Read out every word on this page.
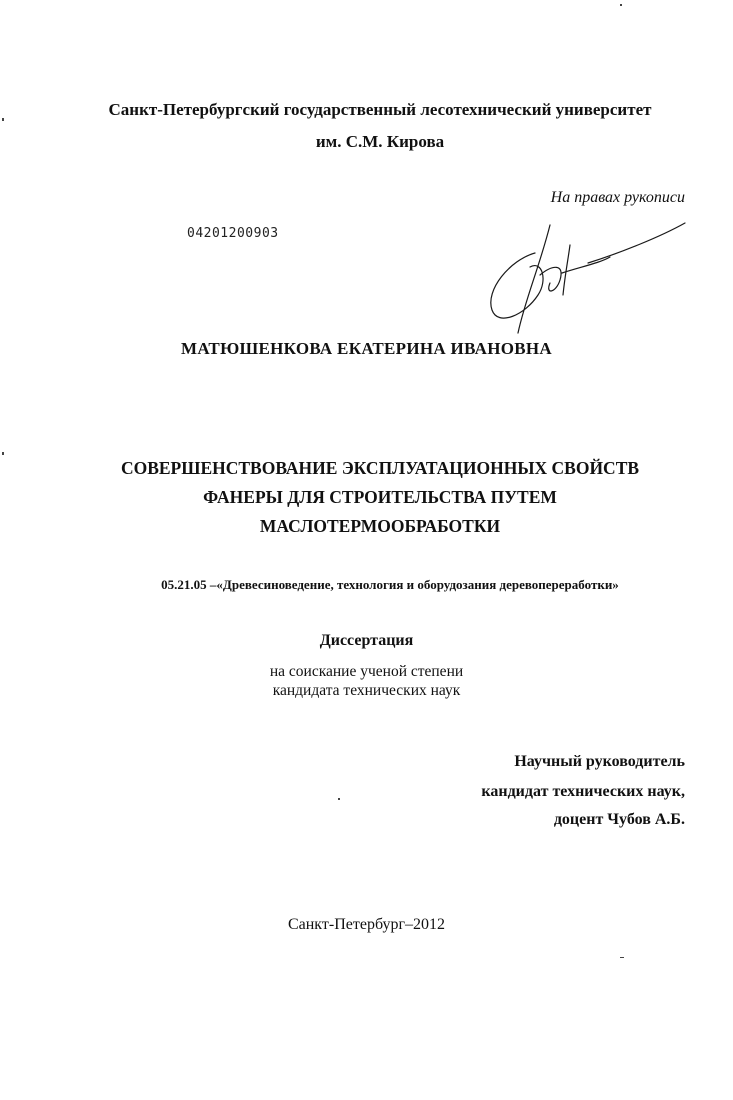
Санкт-Петербургский государственный лесотехнический университет
им. С.М. Кирова
На правах рукописи
04201200903
МАТЮШЕНКОВА ЕКАТЕРИНА ИВАНОВНА
СОВЕРШЕНСТВОВАНИЕ ЭКСПЛУАТАЦИОННЫХ СВОЙСТВ
ФАНЕРЫ ДЛЯ СТРОИТЕЛЬСТВА ПУТЕМ
МАСЛОТЕРМООБРАБОТКИ
05.21.05 –«Древесиноведение, технология и оборудозания деревопереработки»
Диссертация
на соискание ученой степени
кандидата технических наук
Научный руководитель
кандидат технических наук,
доцент Чубов А.Б.
Санкт-Петербург–2012
